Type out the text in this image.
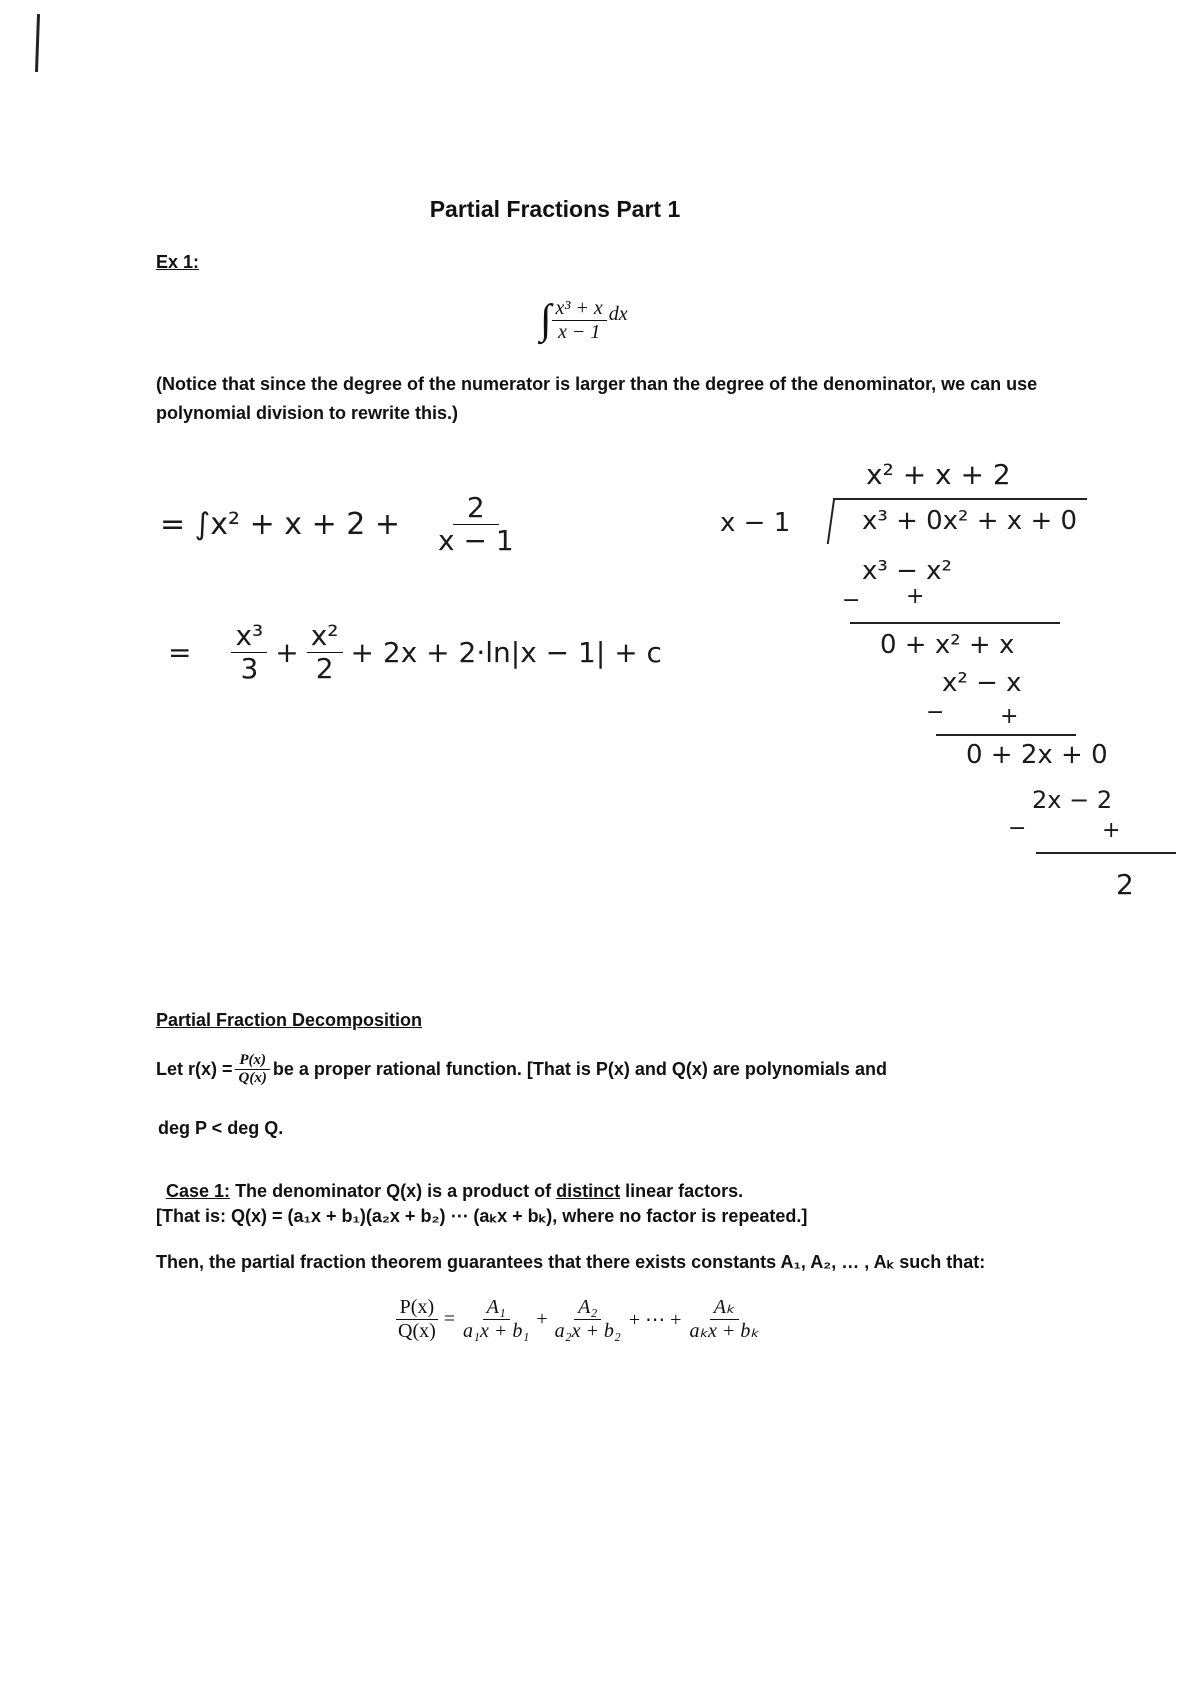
Partial Fractions Part 1
Ex 1:
∫ $\frac{\text{x³ + x}}{x - 1}$ dx
(Notice that since the degree of the numerator is larger than the degree of the denominator, we can use
polynomial division to rewrite this.)
= $\int x^2 + x + 2 + \frac{2}{x - 1}$
= $\frac{\text{x³}}{3} + \frac{\text{x²}}{2} + 2x + 2\cdot\ln|x - 1| + c$
x² + x + 2
x − 1	x³ + 0x² + x + 0
x³ − x²
− +
0 + x² + x
x² − x
−	+
0 + 2x + 0
2x − 2
−	+
2
Partial Fraction Decomposition
Let $r(x) = \frac{P(x)}{Q(x)}$ be a proper rational function. [That is P(x) and Q(x) are polynomials and
deg P < deg Q.

Case 1: The denominator Q(x) is a product of distinct linear factors.

[That is: Q(x) = (a₁x + b₁)(a₂x + b₂) ⋯ (aₖx + bₖ), where no factor is repeated.]
Then, the partial fraction theorem guarantees that there exists constants A₁, A₂, … , Aₖ such that:
$\frac{P(x)}{Q(x)} = \frac{\text{A₁}}{\text{a₁x + b₁}} + \frac{\text{A₂}}{\text{a₂x + b₂}}$ + ⋯ + $\frac{\text{Aₖ}}{\text{aₖx + bₖ}}$
